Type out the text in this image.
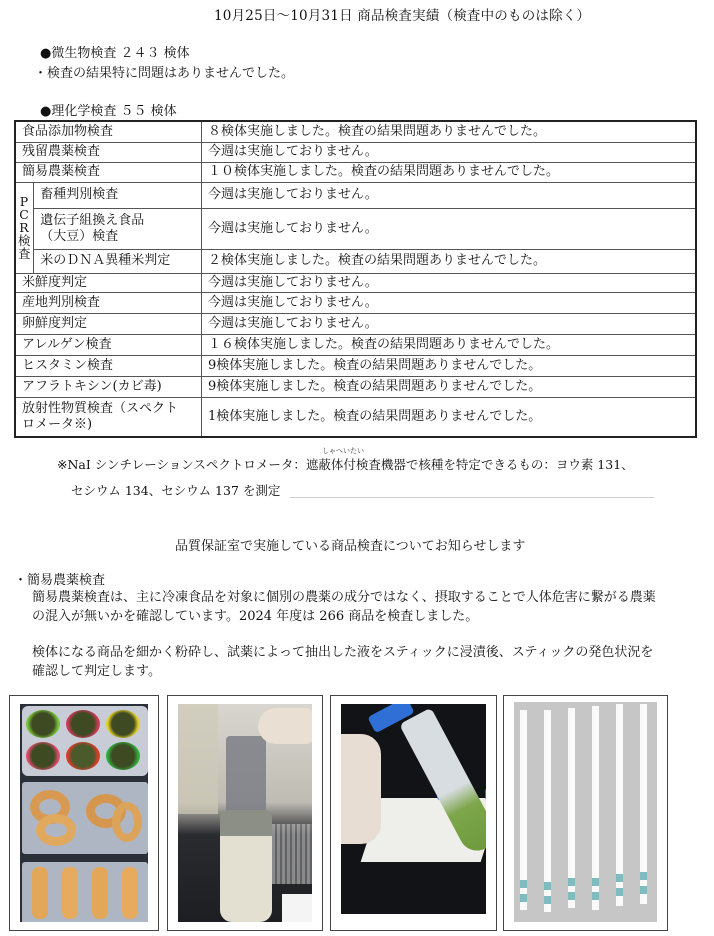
10月25日～10月31日 商品検査実績（検査中のものは除く）
●微生物検査 ２４３ 検体
・検査の結果特に問題はありませんでした。
●理化学検査 ５５ 検体
食品添加物検査		８検体実施しました。検査の結果問題ありませんでした。
残留農薬検査		今週は実施しておりません。
簡易農薬検査		１０検体実施しました。検査の結果問題ありませんでした。

PCR検査	畜種判別検査	今週は実施しておりません。

	遺伝子組換え食品
（大豆）検査	今週は実施しておりません。
	米のＤＮＡ異種米判定	２検体実施しました。検査の結果問題ありませんでした。
米鮮度判定		今週は実施しておりません。
産地判別検査		今週は実施しておりません。
卵鮮度判定		今週は実施しておりません。
アレルゲン検査		１６検体実施しました。検査の結果問題ありませんでした。
ヒスタミン検査		9検体実施しました。検査の結果問題ありませんでした。
アフラトキシン(カビ毒)		9検体実施しました。検査の結果問題ありませんでした。

放射性物質検査（スペクト
ロメータ※)		1検体実施しました。検査の結果問題ありませんでした。
しゃへいたい
※NaI シンチレーションスペクトロメータ：遮蔽体付検査機器で核種を特定できるもの：ヨウ素 131、
セシウム 134、セシウム 137 を測定
品質保証室で実施している商品検査についてお知らせします
・簡易農薬検査
簡易農薬検査は、主に冷凍食品を対象に個別の農薬の成分ではなく、摂取することで人体危害に繋がる農薬
の混入が無いかを確認しています。2024 年度は 266 商品を検査しました。
検体になる商品を細かく粉砕し、試薬によって抽出した液をスティックに浸漬後、スティックの発色状況を
確認して判定します。
